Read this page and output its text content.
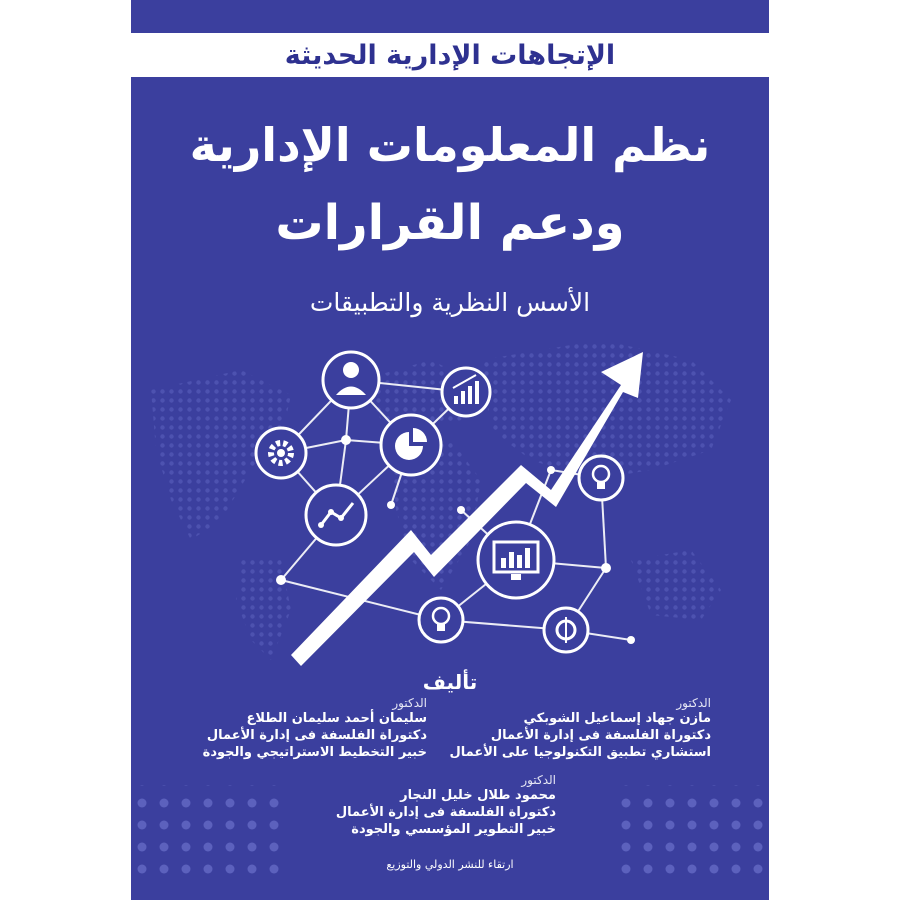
الإتجاهات الإدارية الحديثة
نظم المعلومات الإدارية
ودعم القرارات
الأسس النظرية والتطبيقات
تأليف
الدكتور
مازن جهاد إسماعيل الشوبكي
دكتوراة الفلسفة فى إدارة الأعمال
استشاري تطبيق التكنولوجيا على الأعمال
الدكتور
سليمان أحمد سليمان الطلاع
دكتوراة الفلسفة فى إدارة الأعمال
خبير التخطيط الاستراتيجي والجودة
الدكتور
محمود طلال خليل النجار
دكتوراة الفلسفة فى إدارة الأعمال
خبير التطوير المؤسسي والجودة
ارتقاء للنشر الدولي والتوزيع
